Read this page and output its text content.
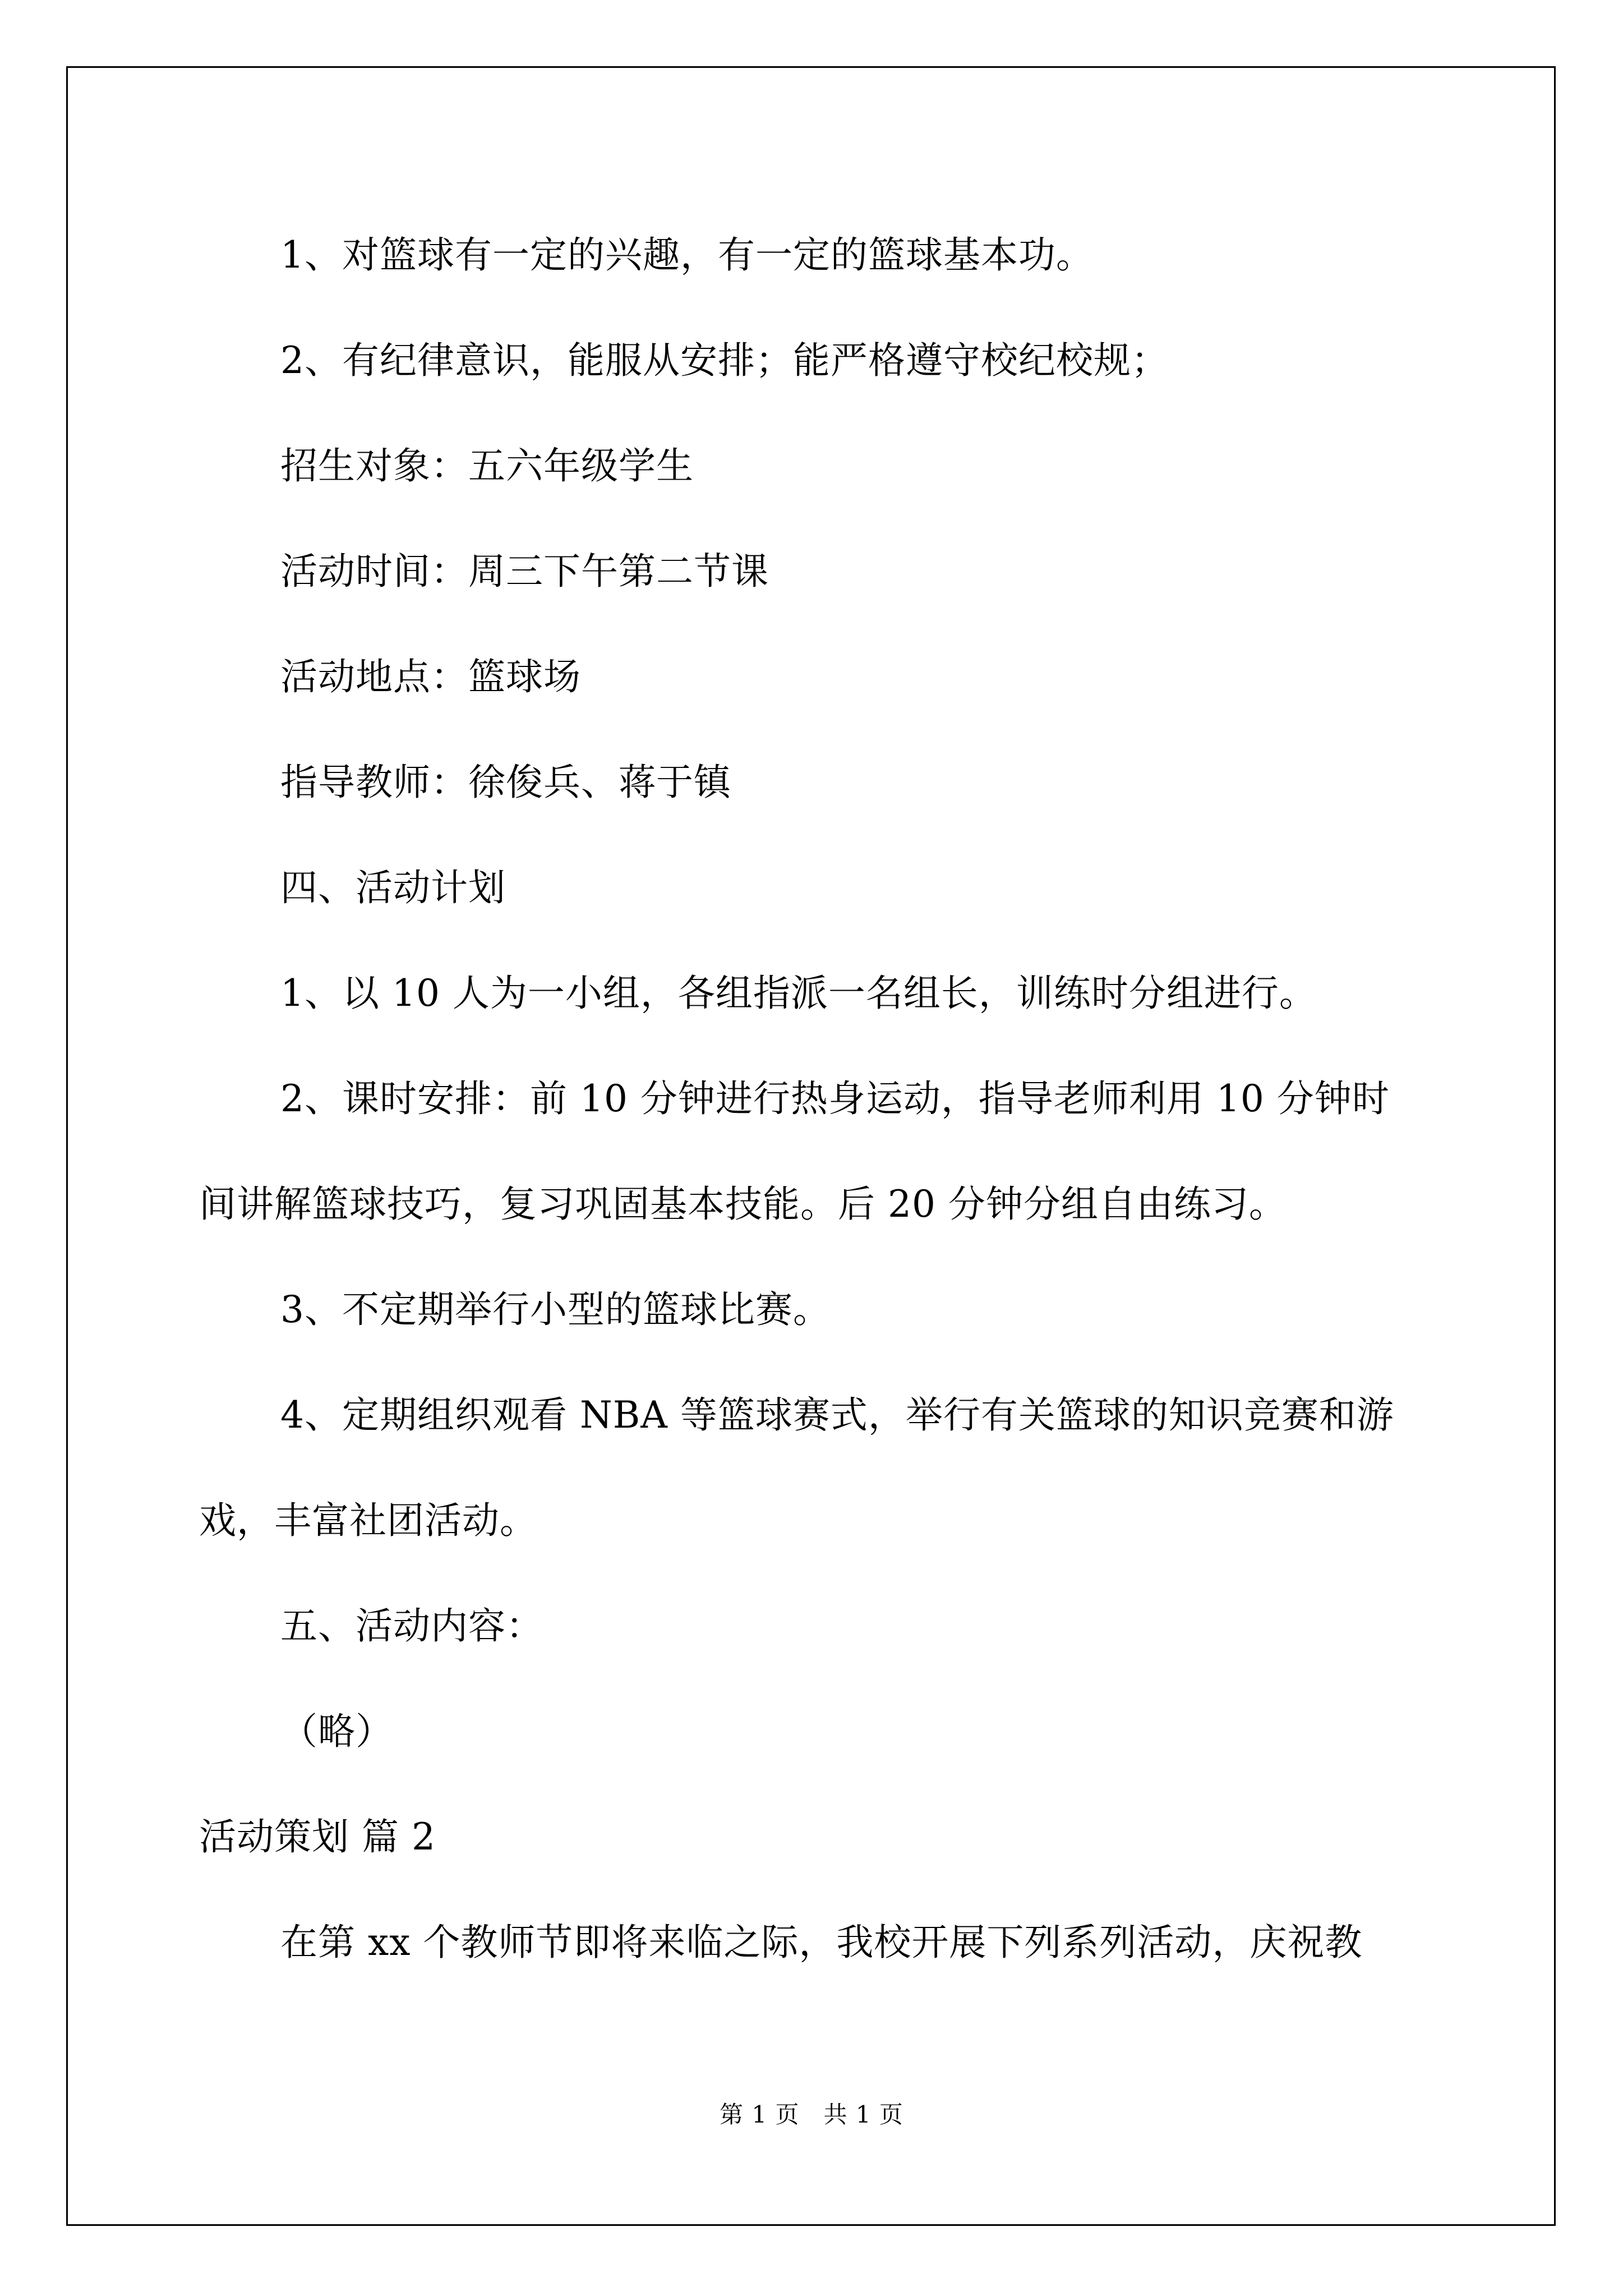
1、对篮球有一定的兴趣，有一定的篮球基本功。

2、有纪律意识，能服从安排；能严格遵守校纪校规；

招生对象：五六年级学生

活动时间：周三下午第二节课

活动地点：篮球场

指导教师：徐俊兵、蒋于镇

四、活动计划

1、以 10 人为一小组，各组指派一名组长，训练时分组进行。

2、课时安排：前 10 分钟进行热身运动，指导老师利用 10 分钟时

间讲解篮球技巧，复习巩固基本技能。后 20 分钟分组自由练习。

3、不定期举行小型的篮球比赛。

4、定期组织观看 NBA 等篮球赛式，举行有关篮球的知识竞赛和游

戏，丰富社团活动。

五、活动内容：

（略）

活动策划 篇 2

在第 xx 个教师节即将来临之际，我校开展下列系列活动，庆祝教

第 1 页　共 1 页
